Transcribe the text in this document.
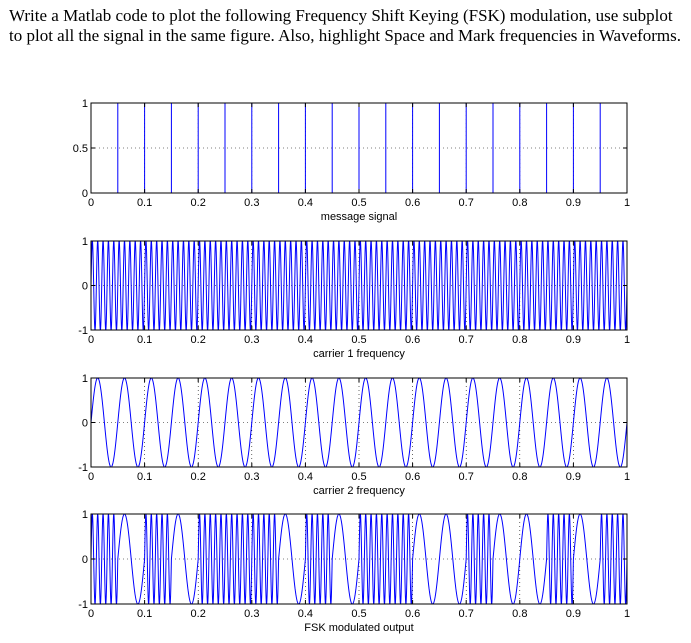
Write a Matlab code to plot the following Frequency Shift Keying (FSK) modulation, use subplot to plot all the signal in the same figure. Also, highlight Space and Mark frequencies in Waveforms.

0	0.1	0.2	0.3	0.4	0.5	0.6	0.7	0.8	0.9	1
0
0.5
1
message signal
0	0.1	0.2	0.3	0.4	0.5	0.6	0.7	0.8	0.9	1
-1
0
1
carrier 1 frequency
0	0.1	0.2	0.3	0.4	0.5	0.6	0.7	0.8	0.9	1
-1
0
1
carrier 2 frequency
0	0.1	0.2	0.3	0.4	0.5	0.6	0.7	0.8	0.9	1
-1
0
1
FSK modulated output
